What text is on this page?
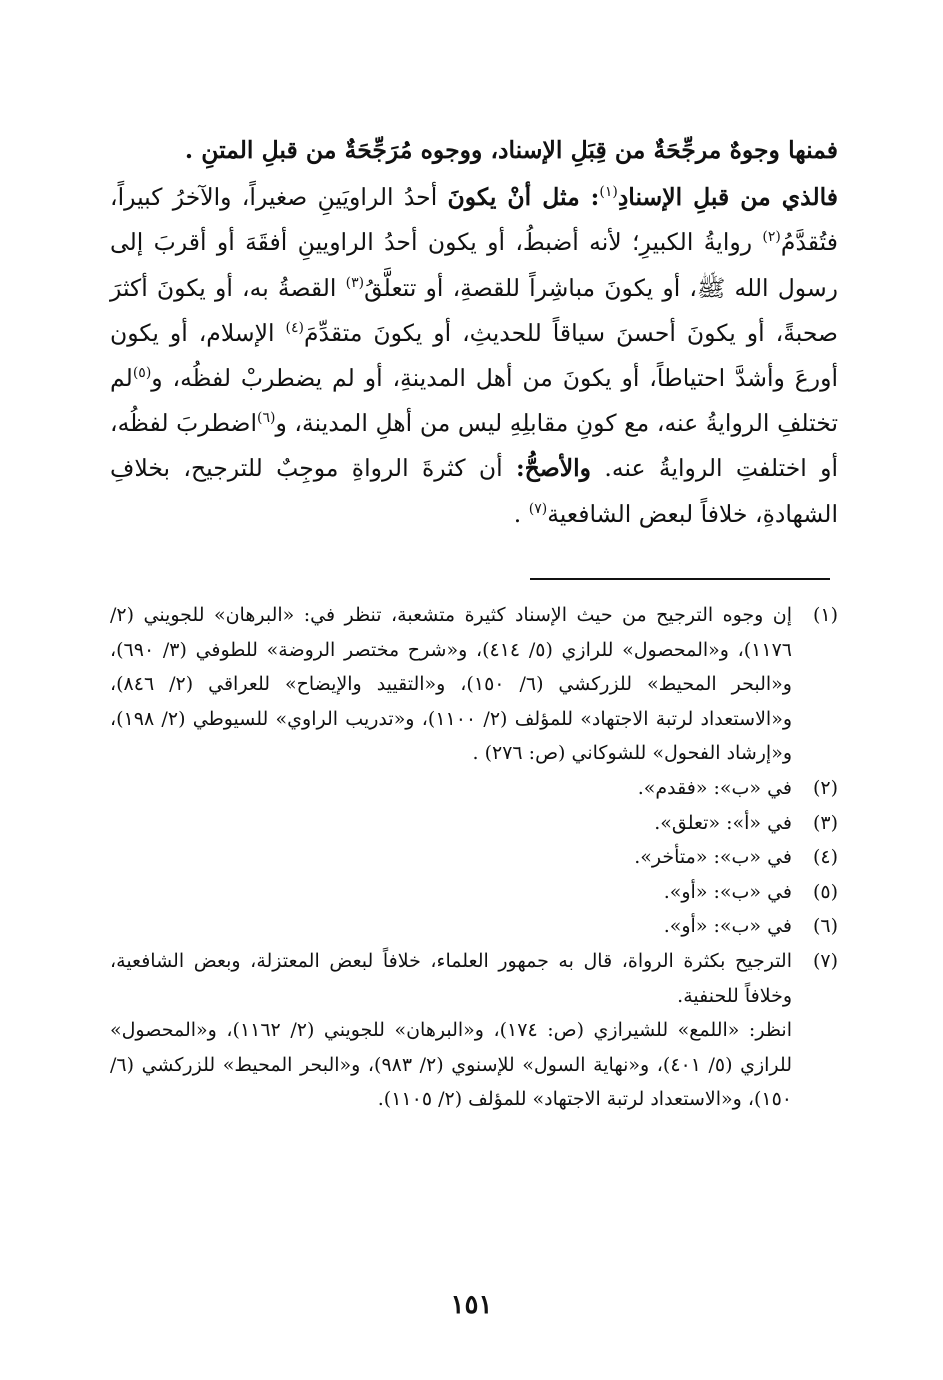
فمنها وجوهٌ مرجِّحَةٌ من قِبَلِ الإسناد، ووجوه مُرَجِّحَةٌ من قبلِ المتنِ .

فالذي من قبلِ الإسنادِ$^{(١)}$: مثل أنْ يكونَ أحدُ الراويَينِ صغيراً، والآخرُ كبيراً، فتُقدَّمُ$^{(٢)}$ روايةُ الكبيرِ؛ لأنه أضبطُ، أو يكون أحدُ الراويينِ أفقَهَ أو أقربَ إلى رسول الله ﷺ، أو يكونَ مباشِراً للقصةِ، أو تتعلَّقُ$^{(٣)}$ القصةُ به، أو يكونَ أكثرَ صحبةً، أو يكونَ أحسنَ سياقاً للحديثِ، أو يكونَ متقدِّمَ$^{(٤)}$ الإسلام، أو يكون أورعَ وأشدَّ احتياطاً، أو يكونَ من أهل المدينةِ، أو لم يضطربْ لفظُه، و$^{(٥)}$لم تختلفِ الروايةُ عنه، مع كونِ مقابلِهِ ليس من أهلِ المدينة، و$^{(٦)}$اضطربَ لفظُه، أو اختلفتِ الروايةُ عنه. والأصحُّ: أن كثرةَ الرواةِ موجِبٌ للترجيح، بخلافِ الشهادةِ، خلافاً لبعض الشافعية$^{(٧)}$ .

(١)
إن وجوه الترجيح من حيث الإسناد كثيرة متشعبة، تنظر في: «البرهان» للجويني (٢/ ١١٧٦)، و«المحصول» للرازي (٥/ ٤١٤)، و«شرح مختصر الروضة» للطوفي (٣/ ٦٩٠)، و«البحر المحيط» للزركشي (٦/ ١٥٠)، و«التقييد والإيضاح» للعراقي (٢/ ٨٤٦)، و«الاستعداد لرتبة الاجتهاد» للمؤلف (٢/ ١١٠٠)، و«تدريب الراوي» للسيوطي (٢/ ١٩٨)، و«إرشاد الفحول» للشوكاني (ص: ٢٧٦) .
(٢)
في «ب»: «فقدم».
(٣)
في «أ»: «تعلق».
(٤)
في «ب»: «متأخر».
(٥)
في «ب»: «أو».
(٦)
في «ب»: «أو».
(٧)
الترجيح بكثرة الرواة، قال به جمهور العلماء، خلافاً لبعض المعتزلة، وبعض الشافعية، وخلافاً للحنفية.
انظر: «اللمع» للشيرازي (ص: ١٧٤)، و«البرهان» للجويني (٢/ ١١٦٢)، و«المحصول» للرازي (٥/ ٤٠١)، و«نهاية السول» للإسنوي (٢/ ٩٨٣)، و«البحر المحيط» للزركشي (٦/ ١٥٠)، و«الاستعداد لرتبة الاجتهاد» للمؤلف (٢/ ١١٠٥).
١٥١
